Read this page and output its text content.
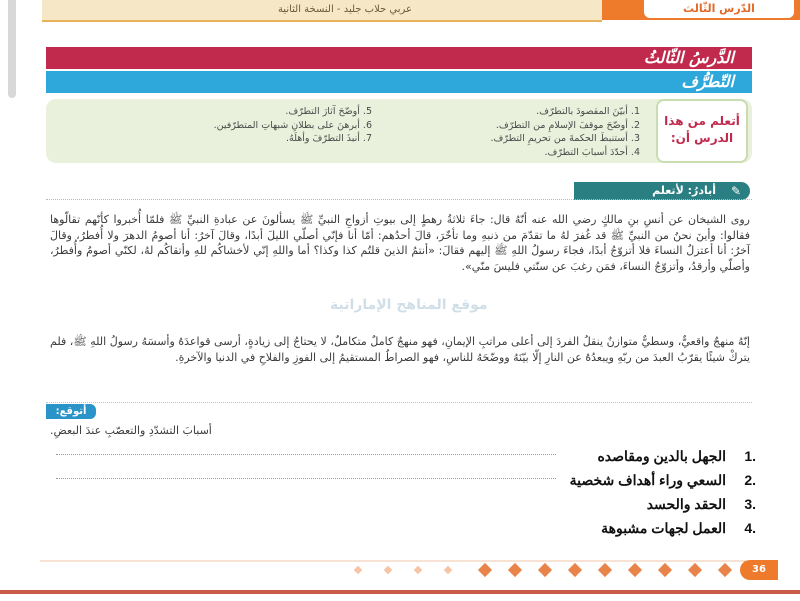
عربي حلاب جليد - النسخة الثانية	الدّرس الثّالث
الدَّرسُ الثّالثُ
التّطرُّف
أتعلم من هذا الدرس أن:
1. أبيّنَ المقصودَ بالتطرّف.
2. أوضّحَ موقفَ الإسلامِ من التطرّف.
3. أستنبطَ الحكمةَ من تحريمِ التطرّف.
4. أحدّدَ أسبابَ التطرّف.
5. أوضّحَ آثارَ التطرّف.
6. أبرهنَ على بطلانِ شبهاتِ المتطرّفين.
7. أنبذَ التطرّفَ وأهلَهُ.
✎
أبادرُ: لأتعلم
روى الشيخان عن أنسِ بنِ مالكٍ رضي الله عنه أنّهُ قال: جاءَ ثلاثةُ رهطٍ إلى بيوتِ أزواجِ النبيِّ ﷺ يسألونَ عن عبادةِ النبيِّ ﷺ فلمّا أُخبروا كأنّهم تقالّوها فقالوا: وأينَ نحنُ من النبيِّ ﷺ قد غُفرَ لهُ ما تقدّمَ من ذنبهِ وما تأخّرَ، قالَ أحدُهم: أمّا أنا فإنّي أصلّي الليلَ أبدًا، وقالَ آخرُ: أنا أصومُ الدهرَ ولا أُفطرُ، وقالَ آخرُ: أنا أعتزلُ النساءَ فلا أتزوّجُ أبدًا، فجاءَ رسولُ اللهِ ﷺ إليهم فقالَ: «أنتمُ الذينَ قلتُم كذا وكذا؟ أما واللهِ إنّي لأخشاكُم للهِ وأتقاكُم لهُ، لكنّي أصومُ وأُفطرُ، وأصلّي وأرقدُ، وأتزوّجُ النساءَ، فمَن رغبَ عن سنّتي فليسَ منّي».
موقع المناهج الإماراتية
إنّهُ منهجٌ واقعيٌّ، وسطيٌّ متوازنٌ ينقلُ الفردَ إلى أعلى مراتبِ الإيمانِ، فهو منهجٌ كاملٌ متكاملٌ، لا يحتاجُ إلى زيادةٍ، أرسى قواعدَهُ وأسسَهُ رسولُ اللهِ ﷺ، فلم يتركْ شيئًا يقرّبُ العبدَ من ربّهِ ويبعدُهُ عن النارِ إلّا بيّنَهُ ووضّحَهُ للناسِ، فهو الصراطُ المستقيمُ إلى الفوزِ والفلاحِ في الدنيا والآخرةِ.
أتوقع:
أسبابَ التشدّدِ والتعصّبِ عندَ البعضِ.
.1الجهل بالدين ومقاصده
.2السعي وراء أهداف شخصية
.3الحقد والحسد
.4العمل لجهات مشبوهة
36
